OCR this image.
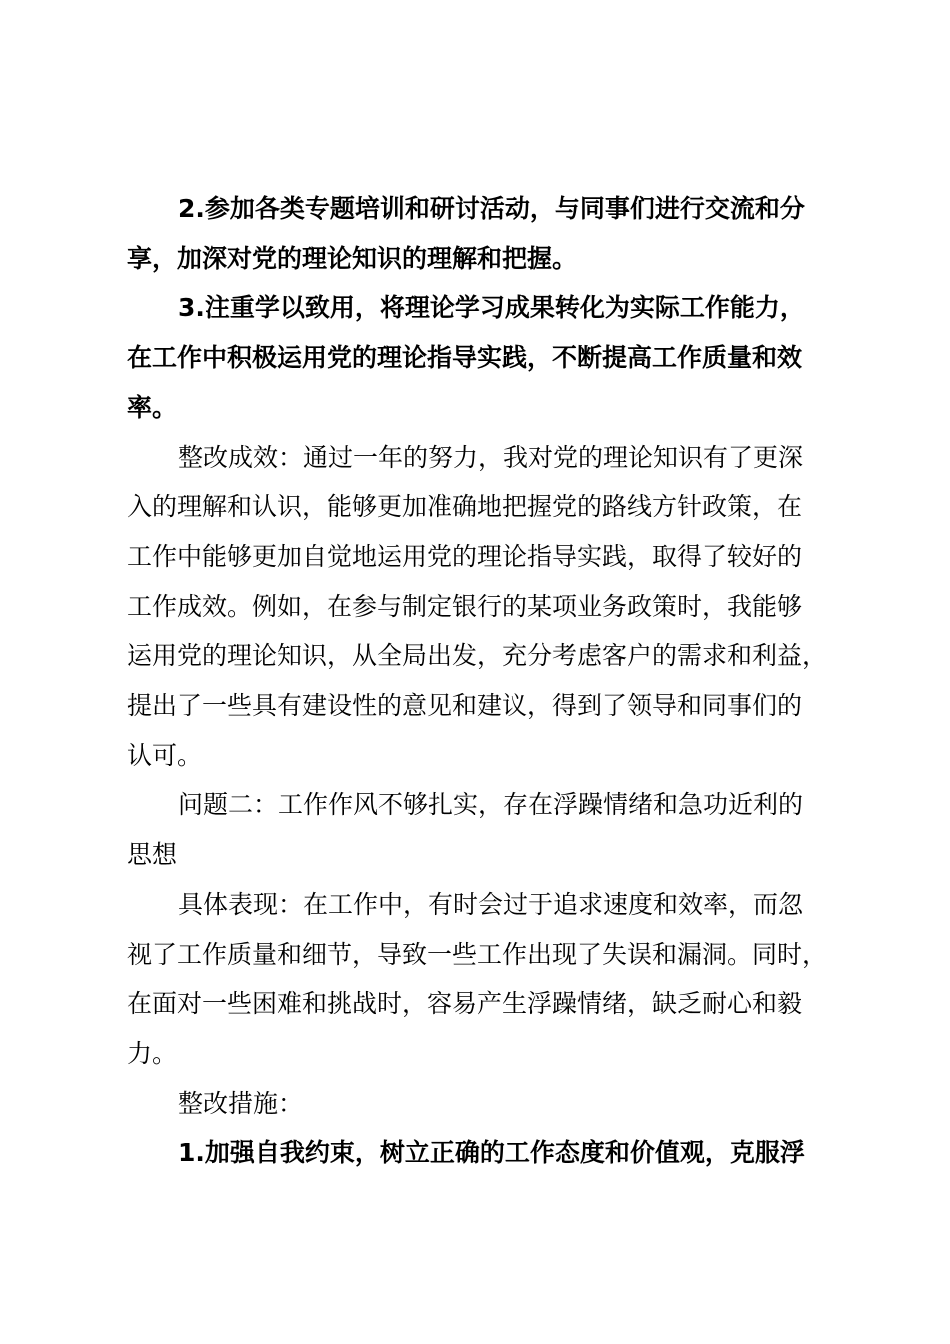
2.参加各类专题培训和研讨活动，与同事们进行交流和分
享，加深对党的理论知识的理解和把握。

3.注重学以致用，将理论学习成果转化为实际工作能力，
在工作中积极运用党的理论指导实践，不断提高工作质量和效
率。

整改成效：通过一年的努力，我对党的理论知识有了更深
入的理解和认识，能够更加准确地把握党的路线方针政策，在
工作中能够更加自觉地运用党的理论指导实践，取得了较好的
工作成效。例如，在参与制定银行的某项业务政策时，我能够
运用党的理论知识，从全局出发，充分考虑客户的需求和利益，
提出了一些具有建设性的意见和建议，得到了领导和同事们的
认可。

问题二：工作作风不够扎实，存在浮躁情绪和急功近利的
思想

具体表现：在工作中，有时会过于追求速度和效率，而忽
视了工作质量和细节，导致一些工作出现了失误和漏洞。同时，
在面对一些困难和挑战时，容易产生浮躁情绪，缺乏耐心和毅
力。

整改措施：

1.加强自我约束，树立正确的工作态度和价值观，克服浮
